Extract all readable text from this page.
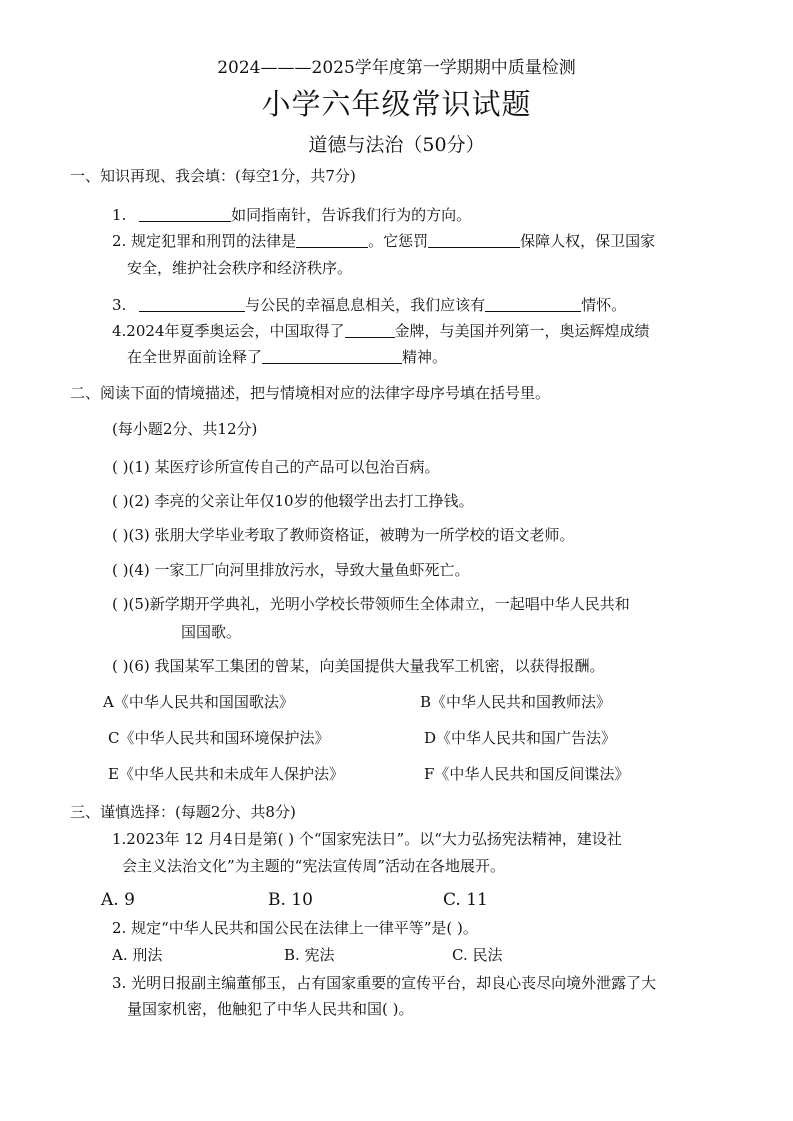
2024———2025学年度第一学期期中质量检测
小学六年级常识试题
道德与法治（50分）
一、知识再现、我会填：(每空1分，共7分)
1.	如同指南针，告诉我们行为的方向。
2. 规定犯罪和刑罚的法律是	。它惩罚	保障人权，保卫国家
安全，维护社会秩序和经济秩序。
3.	与公民的幸福息息相关，我们应该有	情怀。
4.2024年夏季奥运会，中国取得了	金牌，与美国并列第一，奥运辉煌成绩
在全世界面前诠释了	精神。
二、阅读下面的情境描述，把与情境相对应的法律字母序号填在括号里。
(每小题2分、共12分)
( )(1) 某医疗诊所宣传自己的产品可以包治百病。
( )(2) 李亮的父亲让年仅10岁的他辍学出去打工挣钱。
( )(3) 张朋大学毕业考取了教师资格证，被聘为一所学校的语文老师。
( )(4) 一家工厂向河里排放污水，导致大量鱼虾死亡。
( )(5)新学期开学典礼，光明小学校长带领师生全体肃立，一起唱中华人民共和
国国歌。
( )(6) 我国某军工集团的曾某，向美国提供大量我军工机密，以获得报酬。
A《中华人民共和国国歌法》	B《中华人民共和国教师法》
C《中华人民共和国环境保护法》	D《中华人民共和国广告法》
E《中华人民共和未成年人保护法》	F《中华人民共和国反间谍法》
三、谨慎选择：(每题2分、共8分)
1.2023年 12 月4日是第( ) 个“国家宪法日”。以“大力弘扬宪法精神，建设社
会主义法治文化”为主题的“宪法宣传周”活动在各地展开。
A. 9	B. 10	C. 11
2. 规定“中华人民共和国公民在法律上一律平等”是( )。
A. 刑法	B. 宪法	C. 民法
3. 光明日报副主编董郁玉，占有国家重要的宣传平台，却良心丧尽向境外泄露了大
量国家机密，他触犯了中华人民共和国( )。
